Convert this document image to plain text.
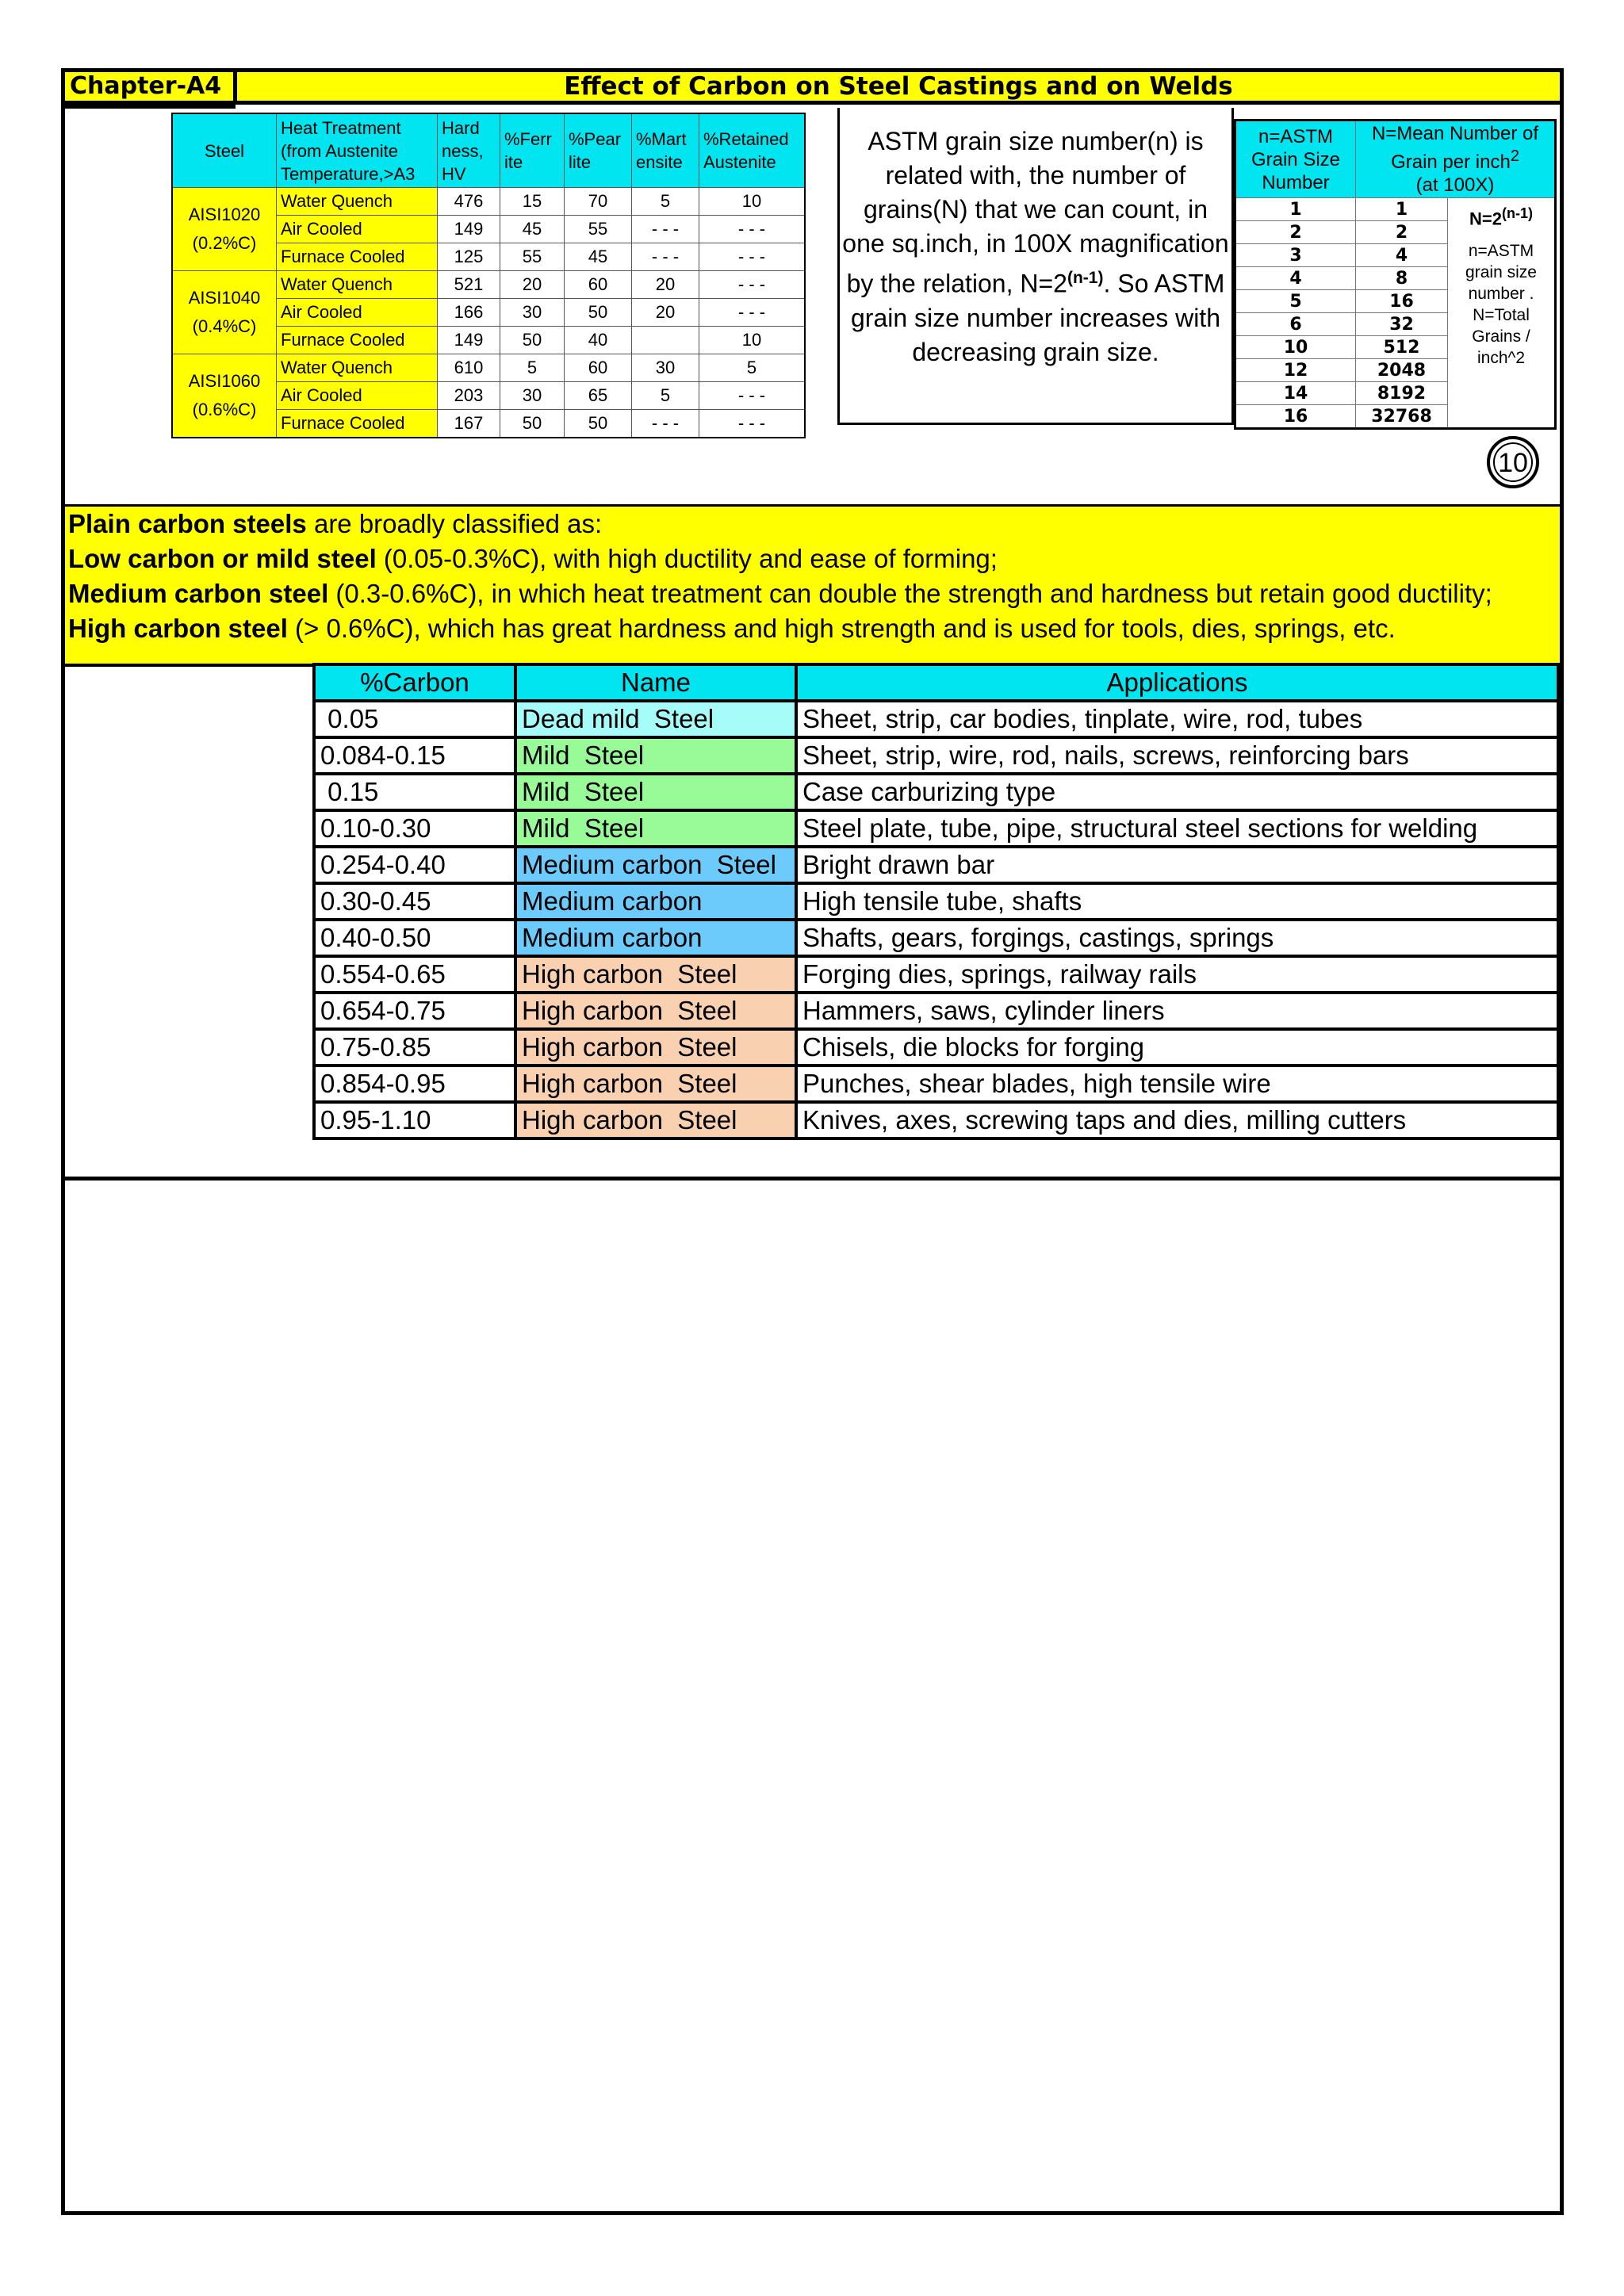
Chapter-A4	Effect of Carbon on Steel Castings and on Welds
Steel	Heat Treatment (from Austenite Temperature,>A3	Hard ness, HV	%Ferr ite	%Pear lite	%Mart ensite	%Retained Austenite

AISI1020
(0.2%C)	Water Quench	476	15	70	5	10
	Air Cooled	149	45	55	- - -	- - -
	Furnace Cooled	125	55	45	- - -	- - -

AISI1040
(0.4%C)	Water Quench	521	20	60	20	- - -
	Air Cooled	166	30	50	20	- - -
	Furnace Cooled	149	50	40		10

AISI1060
(0.6%C)	Water Quench	610	5	60	30	5
	Air Cooled	203	30	65	5	- - -
	Furnace Cooled	167	50	50	- - -	- - -
ASTM grain size number(n) is related with, the number of grains(N) that we can count, in one sq.inch, in 100X magnification by the relation, $N=2^{(n-1)}$. So ASTM grain size number increases with decreasing grain size.
n=ASTM Grain Size Number	N=Mean Number of Grain per inch$^2$
(at 100X)	
1	1	$N=2^{(n-1)}$
n=ASTM grain size number . N=Total Grains / inch^2
2	2	
3	4	
4	8	
5	16	
6	32	
10	512	
12	2048	
14	8192	
16	32768	
10

Plain carbon steels are broadly classified as:

Low carbon or mild steel (0.05-0.3%C), with high ductility and ease of forming;

Medium carbon steel (0.3-0.6%C), in which heat treatment can double the strength and hardness but retain good ductility;

High carbon steel (> 0.6%C), which has great hardness and high strength and is used for tools, dies, springs, etc.

%Carbon	Name	Applications
0.05	Dead mild  Steel	Sheet, strip, car bodies, tinplate, wire, rod, tubes
0.084-0.15	Mild  Steel	Sheet, strip, wire, rod, nails, screws, reinforcing bars
0.15	Mild  Steel	Case carburizing type
0.10-0.30	Mild  Steel	Steel plate, tube, pipe, structural steel sections for welding
0.254-0.40	Medium carbon  Steel	Bright drawn bar
0.30-0.45	Medium carbon	High tensile tube, shafts
0.40-0.50	Medium carbon	Shafts, gears, forgings, castings, springs
0.554-0.65	High carbon  Steel	Forging dies, springs, railway rails
0.654-0.75	High carbon  Steel	Hammers, saws, cylinder liners
0.75-0.85	High carbon  Steel	Chisels, die blocks for forging
0.854-0.95	High carbon  Steel	Punches, shear blades, high tensile wire
0.95-1.10	High carbon  Steel	Knives, axes, screwing taps and dies, milling cutters
